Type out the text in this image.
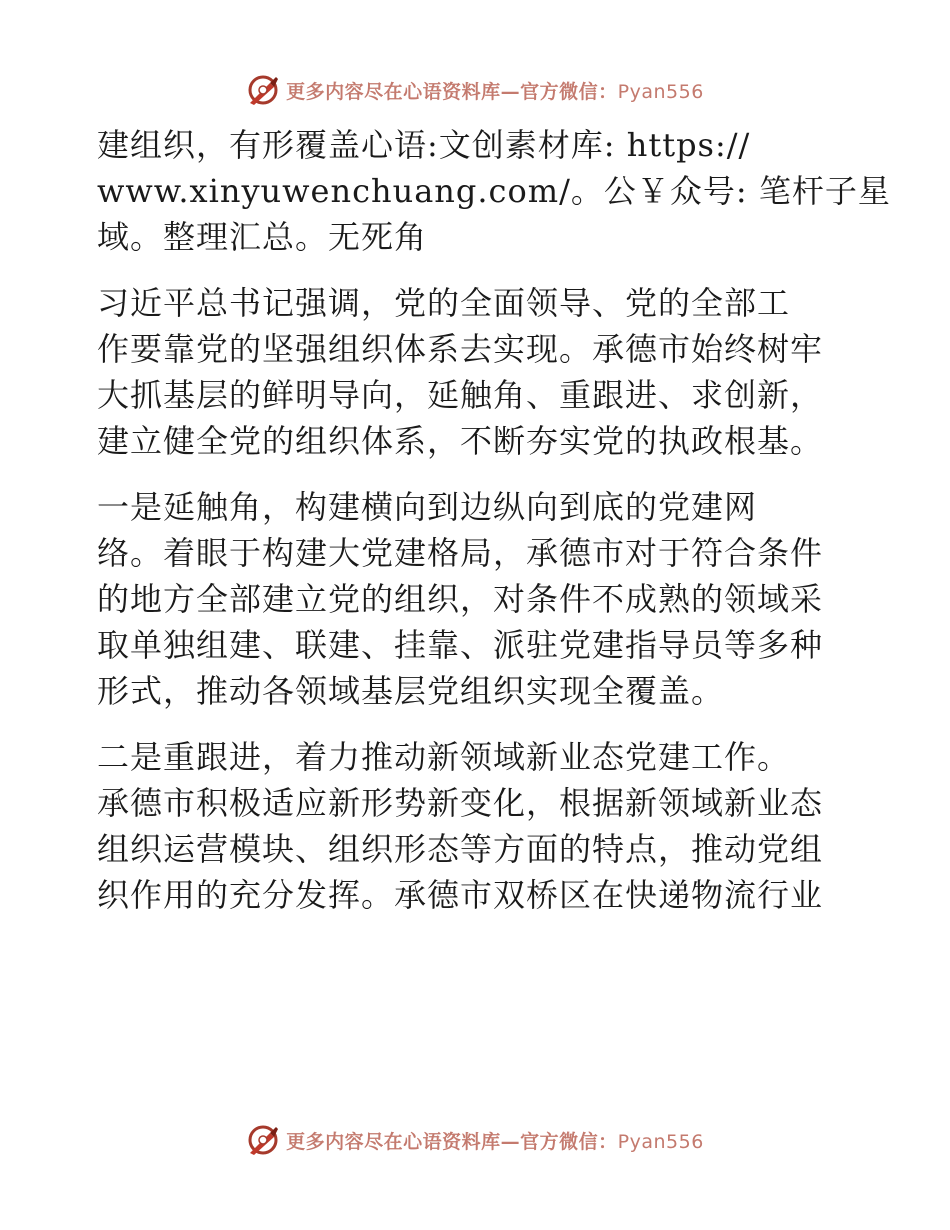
更多内容尽在心语资料库—官方微信：Pyan556

建组织，有形覆盖心语:文创素材库: https://
www.xinyuwenchuang.com/。公￥众号: 笔杆子星
域。整理汇总。无死角

习近平总书记强调，党的全面领导、党的全部工
作要靠党的坚强组织体系去实现。承德市始终树牢
大抓基层的鲜明导向，延触角、重跟进、求创新，
建立健全党的组织体系，不断夯实党的执政根基。

一是延触角，构建横向到边纵向到底的党建网
络。着眼于构建大党建格局，承德市对于符合条件
的地方全部建立党的组织，对条件不成熟的领域采
取单独组建、联建、挂靠、派驻党建指导员等多种
形式，推动各领域基层党组织实现全覆盖。

二是重跟进，着力推动新领域新业态党建工作。
承德市积极适应新形势新变化，根据新领域新业态
组织运营模块、组织形态等方面的特点，推动党组
织作用的充分发挥。承德市双桥区在快递物流行业

更多内容尽在心语资料库—官方微信：Pyan556
